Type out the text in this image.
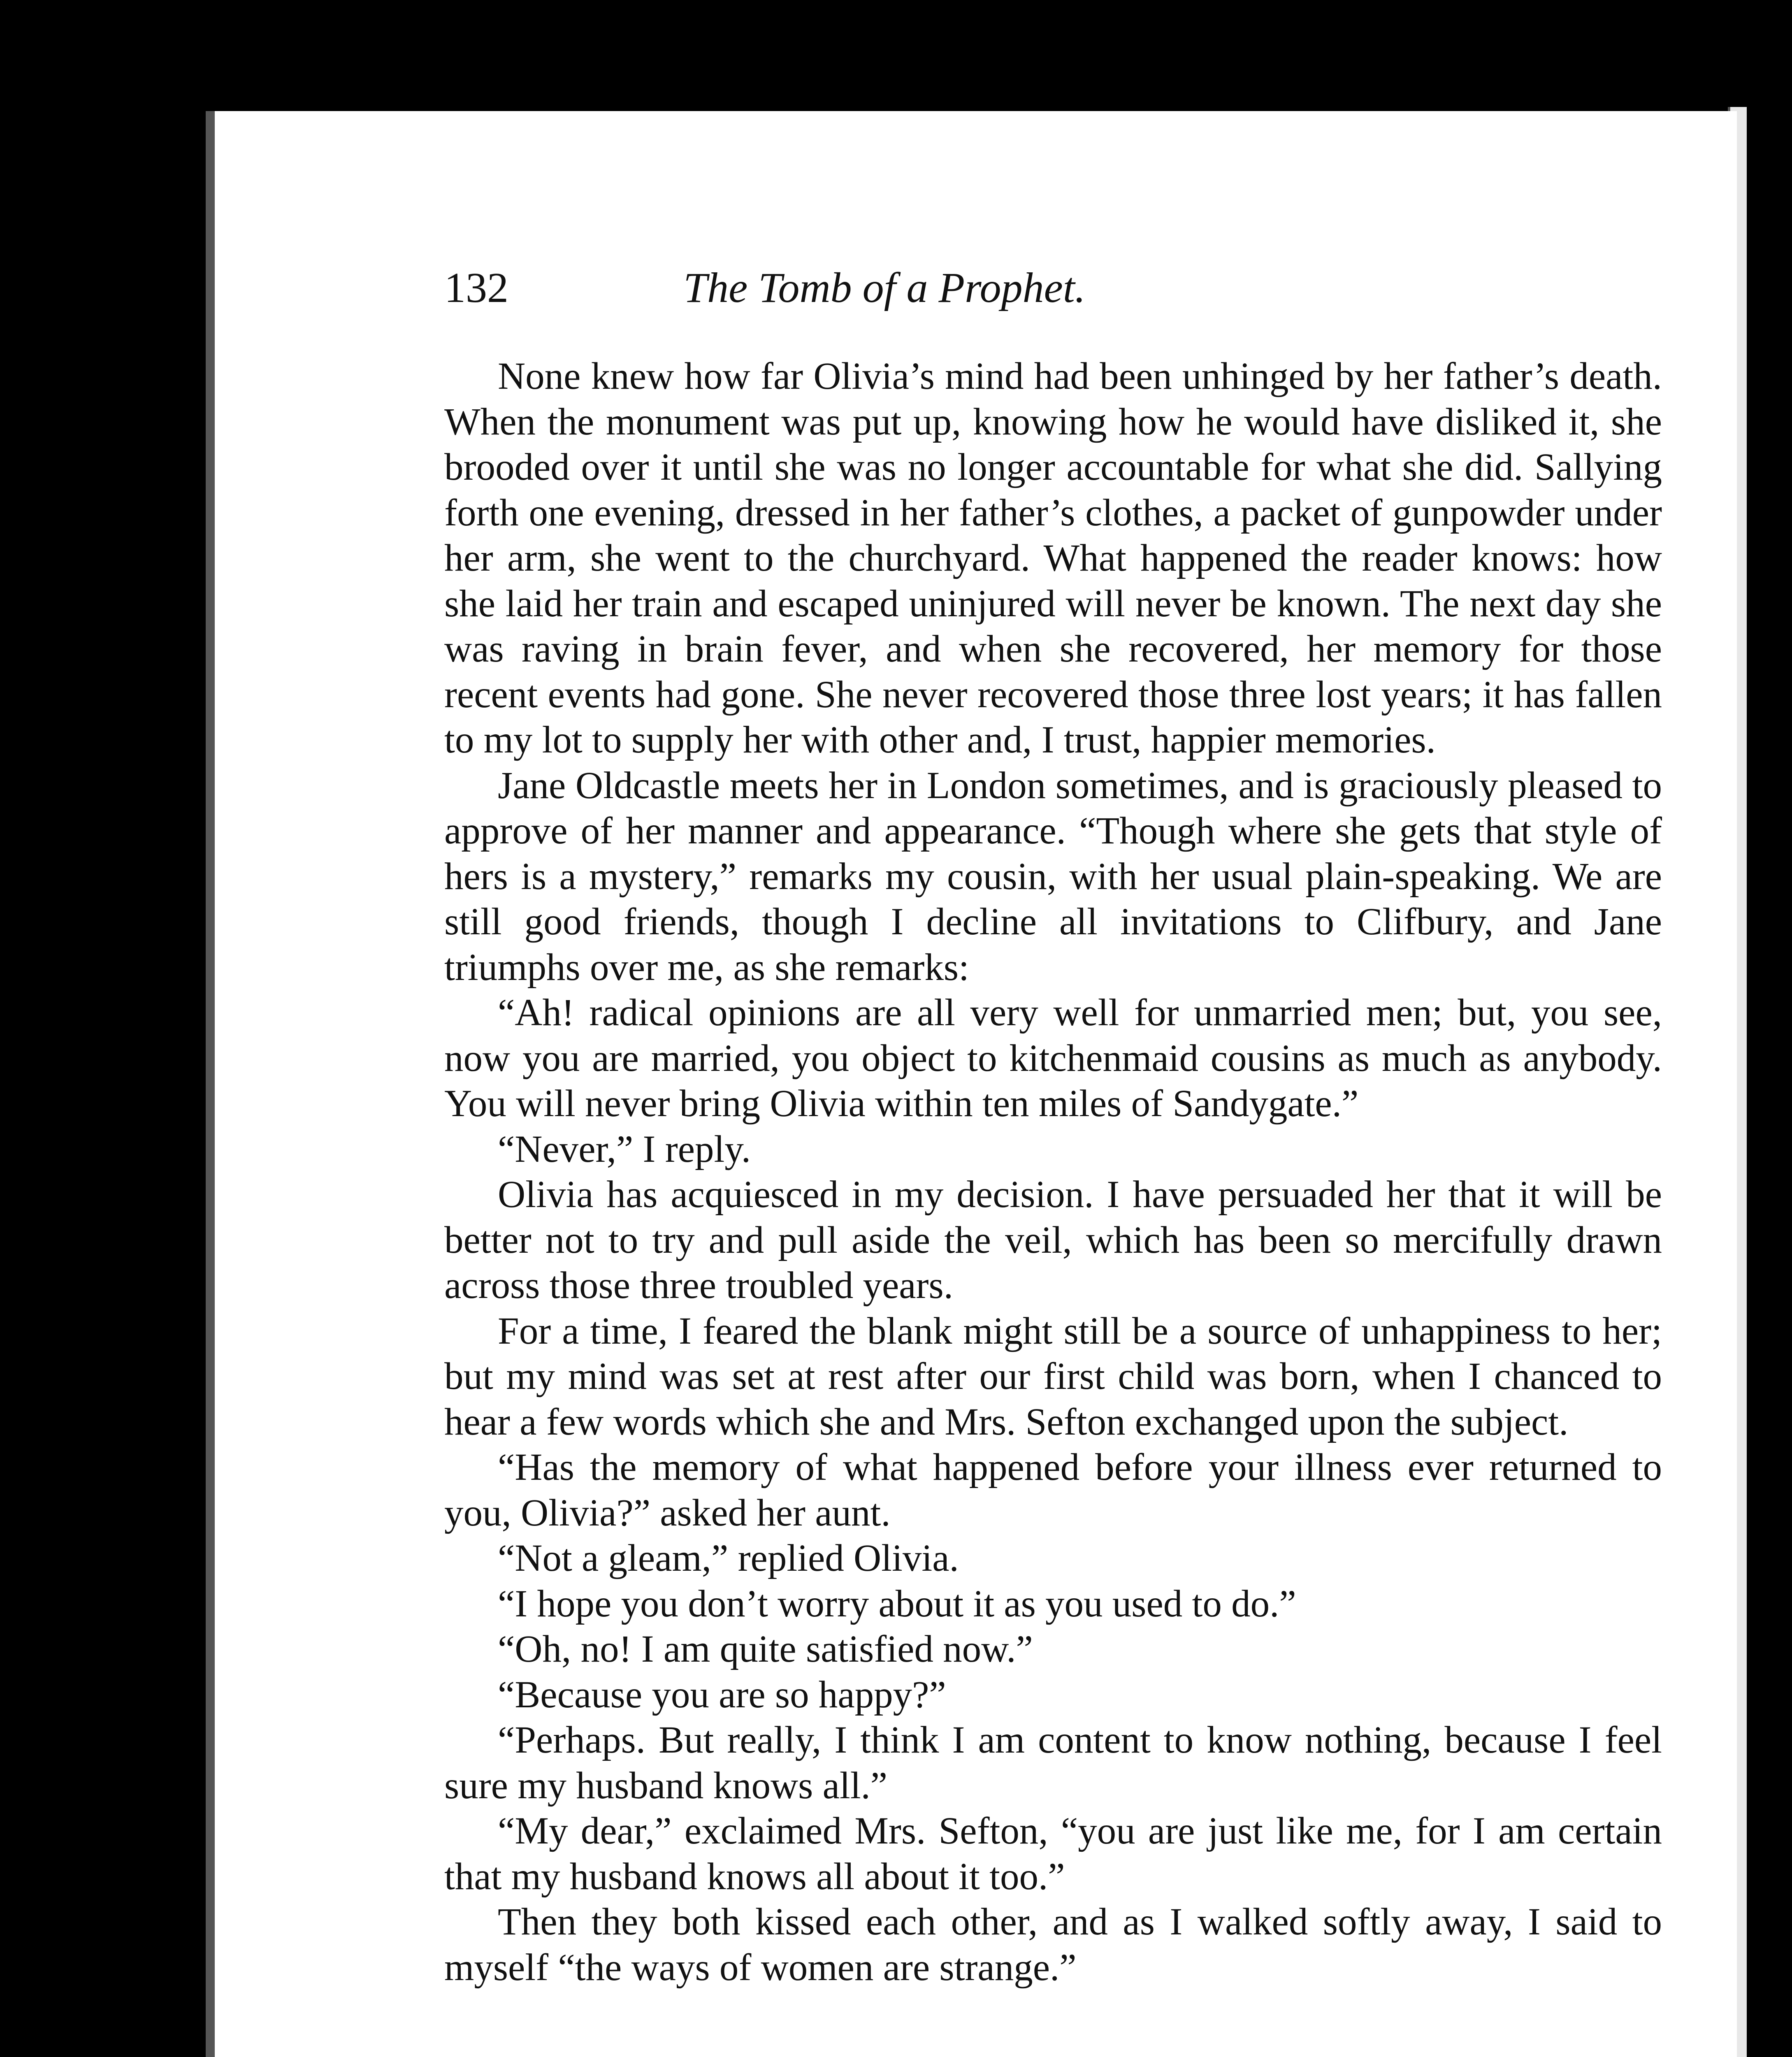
132	The Tomb of a Prophet.

None knew how far Olivia’s mind had been unhinged by her father’s death. When the monument was put up, knowing how he would have disliked it, she brooded over it until she was no longer accountable for what she did. Sallying forth one evening, dressed in her father’s clothes, a packet of gunpowder under her arm, she went to the churchyard. What happened the reader knows: how she laid her train and escaped uninjured will never be known. The next day she was raving in brain fever, and when she recovered, her memory for those recent events had gone. She never recovered those three lost years; it has fallen to my lot to supply her with other and, I trust, happier memories.

Jane Oldcastle meets her in London sometimes, and is graciously pleased to approve of her manner and appearance. “Though where she gets that style of hers is a mystery,” remarks my cousin, with her usual plain-speaking. We are still good friends, though I decline all invitations to Clifbury, and Jane triumphs over me, as she remarks:

“Ah! radical opinions are all very well for unmarried men; but, you see, now you are married, you object to kitchenmaid cousins as much as anybody. You will never bring Olivia within ten miles of Sandygate.”

“Never,” I reply.

Olivia has acquiesced in my decision. I have persuaded her that it will be better not to try and pull aside the veil, which has been so mercifully drawn across those three troubled years.

For a time, I feared the blank might still be a source of unhappiness to her; but my mind was set at rest after our first child was born, when I chanced to hear a few words which she and Mrs. Sefton exchanged upon the subject.

“Has the memory of what happened before your illness ever returned to you, Olivia?” asked her aunt.

“Not a gleam,” replied Olivia.

“I hope you don’t worry about it as you used to do.”

“Oh, no! I am quite satisfied now.”

“Because you are so happy?”

“Perhaps. But really, I think I am content to know nothing, because I feel sure my husband knows all.”

“My dear,” exclaimed Mrs. Sefton, “you are just like me, for I am certain that my husband knows all about it too.”

Then they both kissed each other, and as I walked softly away, I said to myself “the ways of women are strange.”
